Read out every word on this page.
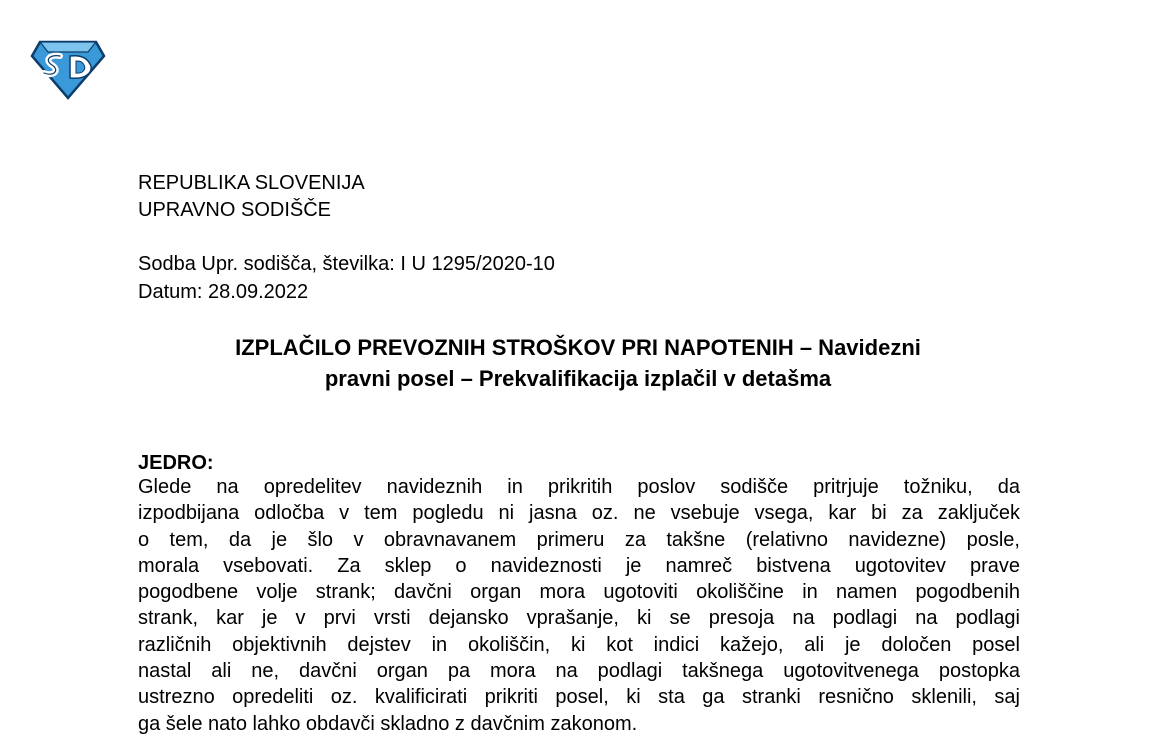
REPUBLIKA SLOVENIJA
UPRAVNO SODIŠČE
Sodba Upr. sodišča, številka: I U 1295/2020-10
Datum: 28.09.2022
IZPLAČILO PREVOZNIH STROŠKOV PRI NAPOTENIH – Navidezni
pravni posel – Prekvalifikacija izplačil v detašma
JEDRO:
Glede na opredelitev navideznih in prikritih poslov sodišče pritrjuje tožniku, da
izpodbijana odločba v tem pogledu ni jasna oz. ne vsebuje vsega, kar bi za zaključek
o tem, da je šlo v obravnavanem primeru za takšne (relativno navidezne) posle,
morala vsebovati. Za sklep o navideznosti je namreč bistvena ugotovitev prave
pogodbene volje strank; davčni organ mora ugotoviti okoliščine in namen pogodbenih
strank, kar je v prvi vrsti dejansko vprašanje, ki se presoja na podlagi na podlagi
različnih objektivnih dejstev in okoliščin, ki kot indici kažejo, ali je določen posel
nastal ali ne, davčni organ pa mora na podlagi takšnega ugotovitvenega postopka
ustrezno opredeliti oz. kvalificirati prikriti posel, ki sta ga stranki resnično sklenili, saj
ga šele nato lahko obdavči skladno z davčnim zakonom.
